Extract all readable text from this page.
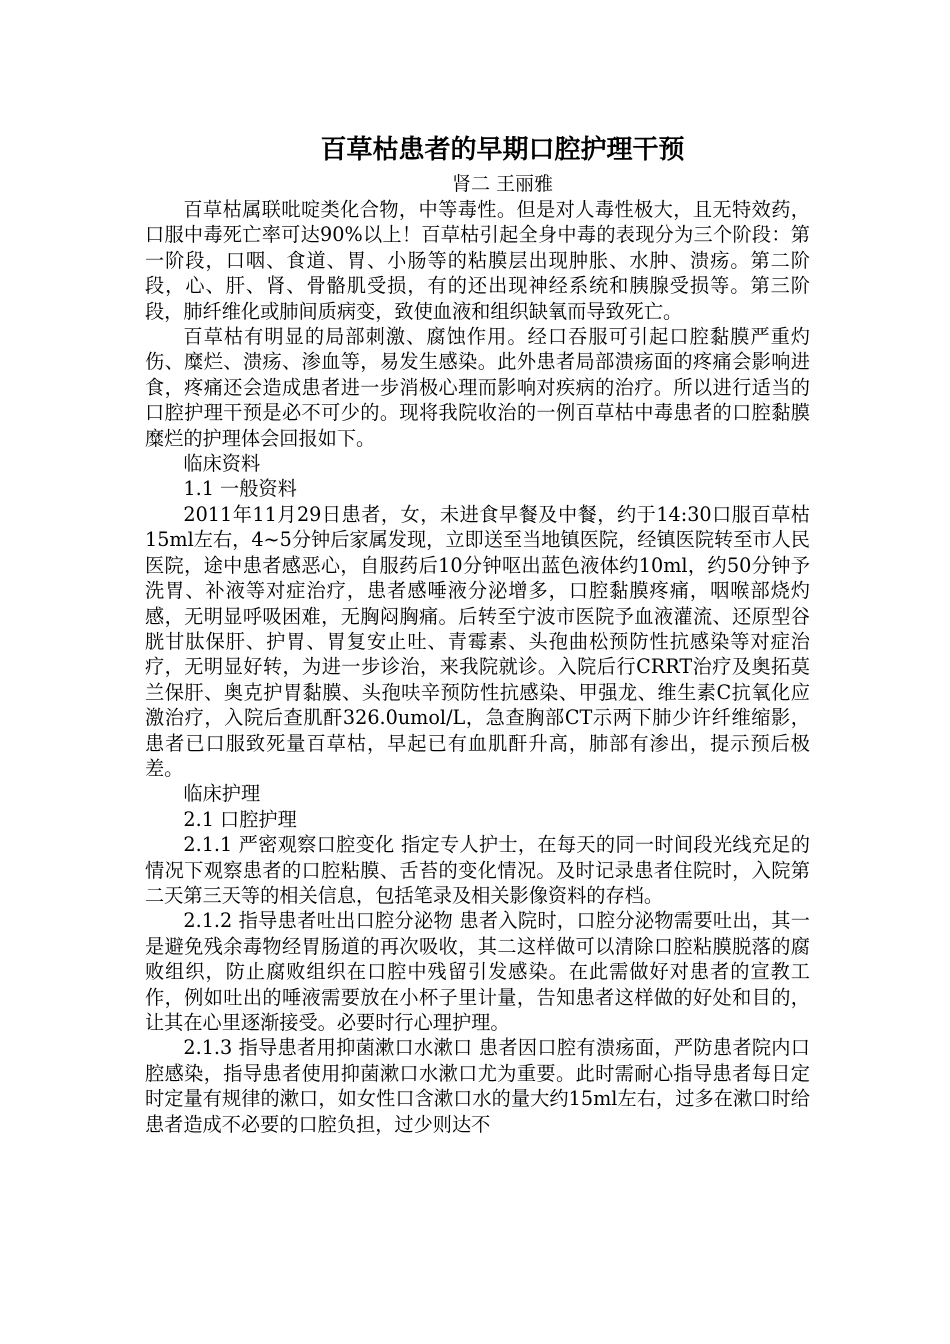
百草枯患者的早期口腔护理干预

肾二 王丽雅

百草枯属联吡啶类化合物，中等毒性。但是对人毒性极大，且无特效药，口服中毒死亡率可达90%以上！百草枯引起全身中毒的表现分为三个阶段：第一阶段，口咽、食道、胃、小肠等的粘膜层出现肿胀、水肿、溃疡。第二阶段，心、肝、肾、骨骼肌受损，有的还出现神经系统和胰腺受损等。第三阶段，肺纤维化或肺间质病变，致使血液和组织缺氧而导致死亡。

百草枯有明显的局部刺激、腐蚀作用。经口吞服可引起口腔黏膜严重灼伤、糜烂、溃疡、渗血等，易发生感染。此外患者局部溃疡面的疼痛会影响进食，疼痛还会造成患者进一步消极心理而影响对疾病的治疗。所以进行适当的口腔护理干预是必不可少的。现将我院收治的一例百草枯中毒患者的口腔黏膜糜烂的护理体会回报如下。

临床资料

1.1 一般资料

2011年11月29日患者，女，未进食早餐及中餐，约于14:30口服百草枯15ml左右，4~5分钟后家属发现，立即送至当地镇医院，经镇医院转至市人民医院，途中患者感恶心，自服药后10分钟呕出蓝色液体约10ml，约50分钟予洗胃、补液等对症治疗，患者感唾液分泌增多，口腔黏膜疼痛，咽喉部烧灼感，无明显呼吸困难，无胸闷胸痛。后转至宁波市医院予血液灌流、还原型谷胱甘肽保肝、护胃、胃复安止吐、青霉素、头孢曲松预防性抗感染等对症治疗，无明显好转，为进一步诊治，来我院就诊。入院后行CRRT治疗及奥拓莫兰保肝、奥克护胃黏膜、头孢呋辛预防性抗感染、甲强龙、维生素C抗氧化应激治疗，入院后查肌酐326.0umol/L，急查胸部CT示两下肺少许纤维缩影，患者已口服致死量百草枯，早起已有血肌酐升高，肺部有渗出，提示预后极差。

临床护理

2.1 口腔护理

2.1.1 严密观察口腔变化 指定专人护士，在每天的同一时间段光线充足的情况下观察患者的口腔粘膜、舌苔的变化情况。及时记录患者住院时，入院第二天第三天等的相关信息，包括笔录及相关影像资料的存档。

2.1.2 指导患者吐出口腔分泌物 患者入院时，口腔分泌物需要吐出，其一是避免残余毒物经胃肠道的再次吸收，其二这样做可以清除口腔粘膜脱落的腐败组织，防止腐败组织在口腔中残留引发感染。在此需做好对患者的宣教工作，例如吐出的唾液需要放在小杯子里计量，告知患者这样做的好处和目的，让其在心里逐渐接受。必要时行心理护理。

2.1.3 指导患者用抑菌漱口水漱口 患者因口腔有溃疡面，严防患者院内口腔感染，指导患者使用抑菌漱口水漱口尤为重要。此时需耐心指导患者每日定时定量有规律的漱口，如女性口含漱口水的量大约15ml左右，过多在漱口时给患者造成不必要的口腔负担，过少则达不
